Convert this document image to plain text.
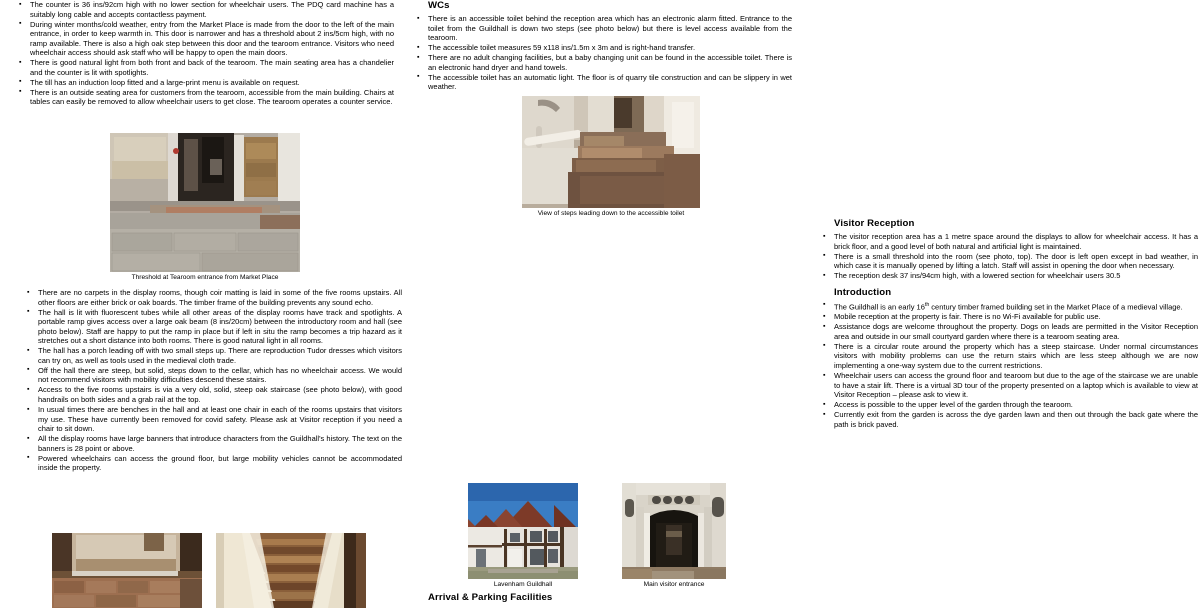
▪ The counter is 36 ins/92cm high with no lower section for wheelchair users. The PDQ card machine has a suitably long cable and accepts contactless payment.
▪ During winter months/cold weather, entry from the Market Place is made from the door to the left of the main entrance, in order to keep warmth in. This door is narrower and has a threshold about 2 ins/5cm high, with no ramp available. There is also a high oak step between this door and the tearoom entrance. Visitors who need wheelchair access should ask staff who will be happy to open the main doors.
▪ There is good natural light from both front and back of the tearoom. The main seating area has a chandelier and the counter is lit with spotlights.
▪ The till has an induction loop fitted and a large-print menu is available on request.
▪ There is an outside seating area for customers from the tearoom, accessible from the main building. Chairs at tables can easily be removed to allow wheelchair users to get close. The tearoom operates a counter service.
Threshold at Tearoom entrance from Market Place
▪ There are no carpets in the display rooms, though coir matting is laid in some of the five rooms upstairs. All other floors are either brick or oak boards. The timber frame of the building prevents any sound echo.
▪ The hall is lit with fluorescent tubes while all other areas of the display rooms have track and spotlights. A portable ramp gives access over a large oak beam (8 ins/20cm) between the introductory room and hall (see photo below). Staff are happy to put the ramp in place but if left in situ the ramp becomes a trip hazard as it stretches out a short distance into both rooms. There is good natural light in all rooms.
▪ The hall has a porch leading off with two small steps up. There are reproduction Tudor dresses which visitors can try on, as well as tools used in the medieval cloth trade.
▪ Off the hall there are steep, but solid, steps down to the cellar, which has no wheelchair access. We would not recommend visitors with mobility difficulties descend these stairs.
▪ Access to the five rooms upstairs is via a very old, solid, steep oak staircase (see photo below), with good handrails on both sides and a grab rail at the top.
▪ In usual times there are benches in the hall and at least one chair in each of the rooms upstairs that visitors my use. These have currently been removed for covid safety. Please ask at Visitor reception if you need a chair to sit down.
▪ All the display rooms have large banners that introduce characters from the Guildhall's history. The text on the banners is 28 point or above.
▪ Powered wheelchairs can access the ground floor, but large mobility vehicles cannot be accommodated inside the property.
WCs
▪ There is an accessible toilet behind the reception area which has an electronic alarm fitted. Entrance to the toilet from the Guildhall is down two steps (see photo below) but there is level access available from the tearoom.
▪ The accessible toilet measures 59 x118 ins/1.5m x 3m and is right-hand transfer.
▪ There are no adult changing facilities, but a baby changing unit can be found in the accessible toilet. There is an electronic hand dryer and hand towels.
▪ The accessible toilet has an automatic light. The floor is of quarry tile construction and can be slippery in wet weather.
View of steps leading down to the accessible toilet
Visitor Reception
▪ The visitor reception area has a 1 metre space around the displays to allow for wheelchair access. It has a brick floor, and a good level of both natural and artificial light is maintained.
▪ There is a small threshold into the room (see photo, top). The door is left open except in bad weather, in which case it is manually opened by lifting a latch. Staff will assist in opening the door when necessary.
▪ The reception desk 37 ins/94cm high, with a lowered section for wheelchair users 30.5
Introduction
▪ The Guildhall is an early 16th century timber framed building set in the Market Place of a medieval village.
▪ Mobile reception at the property is fair. There is no Wi-Fi available for public use.
▪ Assistance dogs are welcome throughout the property. Dogs on leads are permitted in the Visitor Reception area and outside in our small courtyard garden where there is a tearoom seating area.
▪ There is a circular route around the property which has a steep staircase. Under normal circumstances visitors with mobility problems can use the return stairs which are less steep although we are now implementing a one-way system due to the current restrictions.
▪ Wheelchair users can access the ground floor and tearoom but due to the age of the staircase we are unable to have a stair lift. There is a virtual 3D tour of the property presented on a laptop which is available to view at Visitor Reception – please ask to view it.
▪ Access is possible to the upper level of the garden through the tearoom.
▪ Currently exit from the garden is across the dye garden lawn and then out through the back gate where the path is brick paved.
Lavenham Guildhall	Main visitor entrance
Arrival & Parking Facilities
